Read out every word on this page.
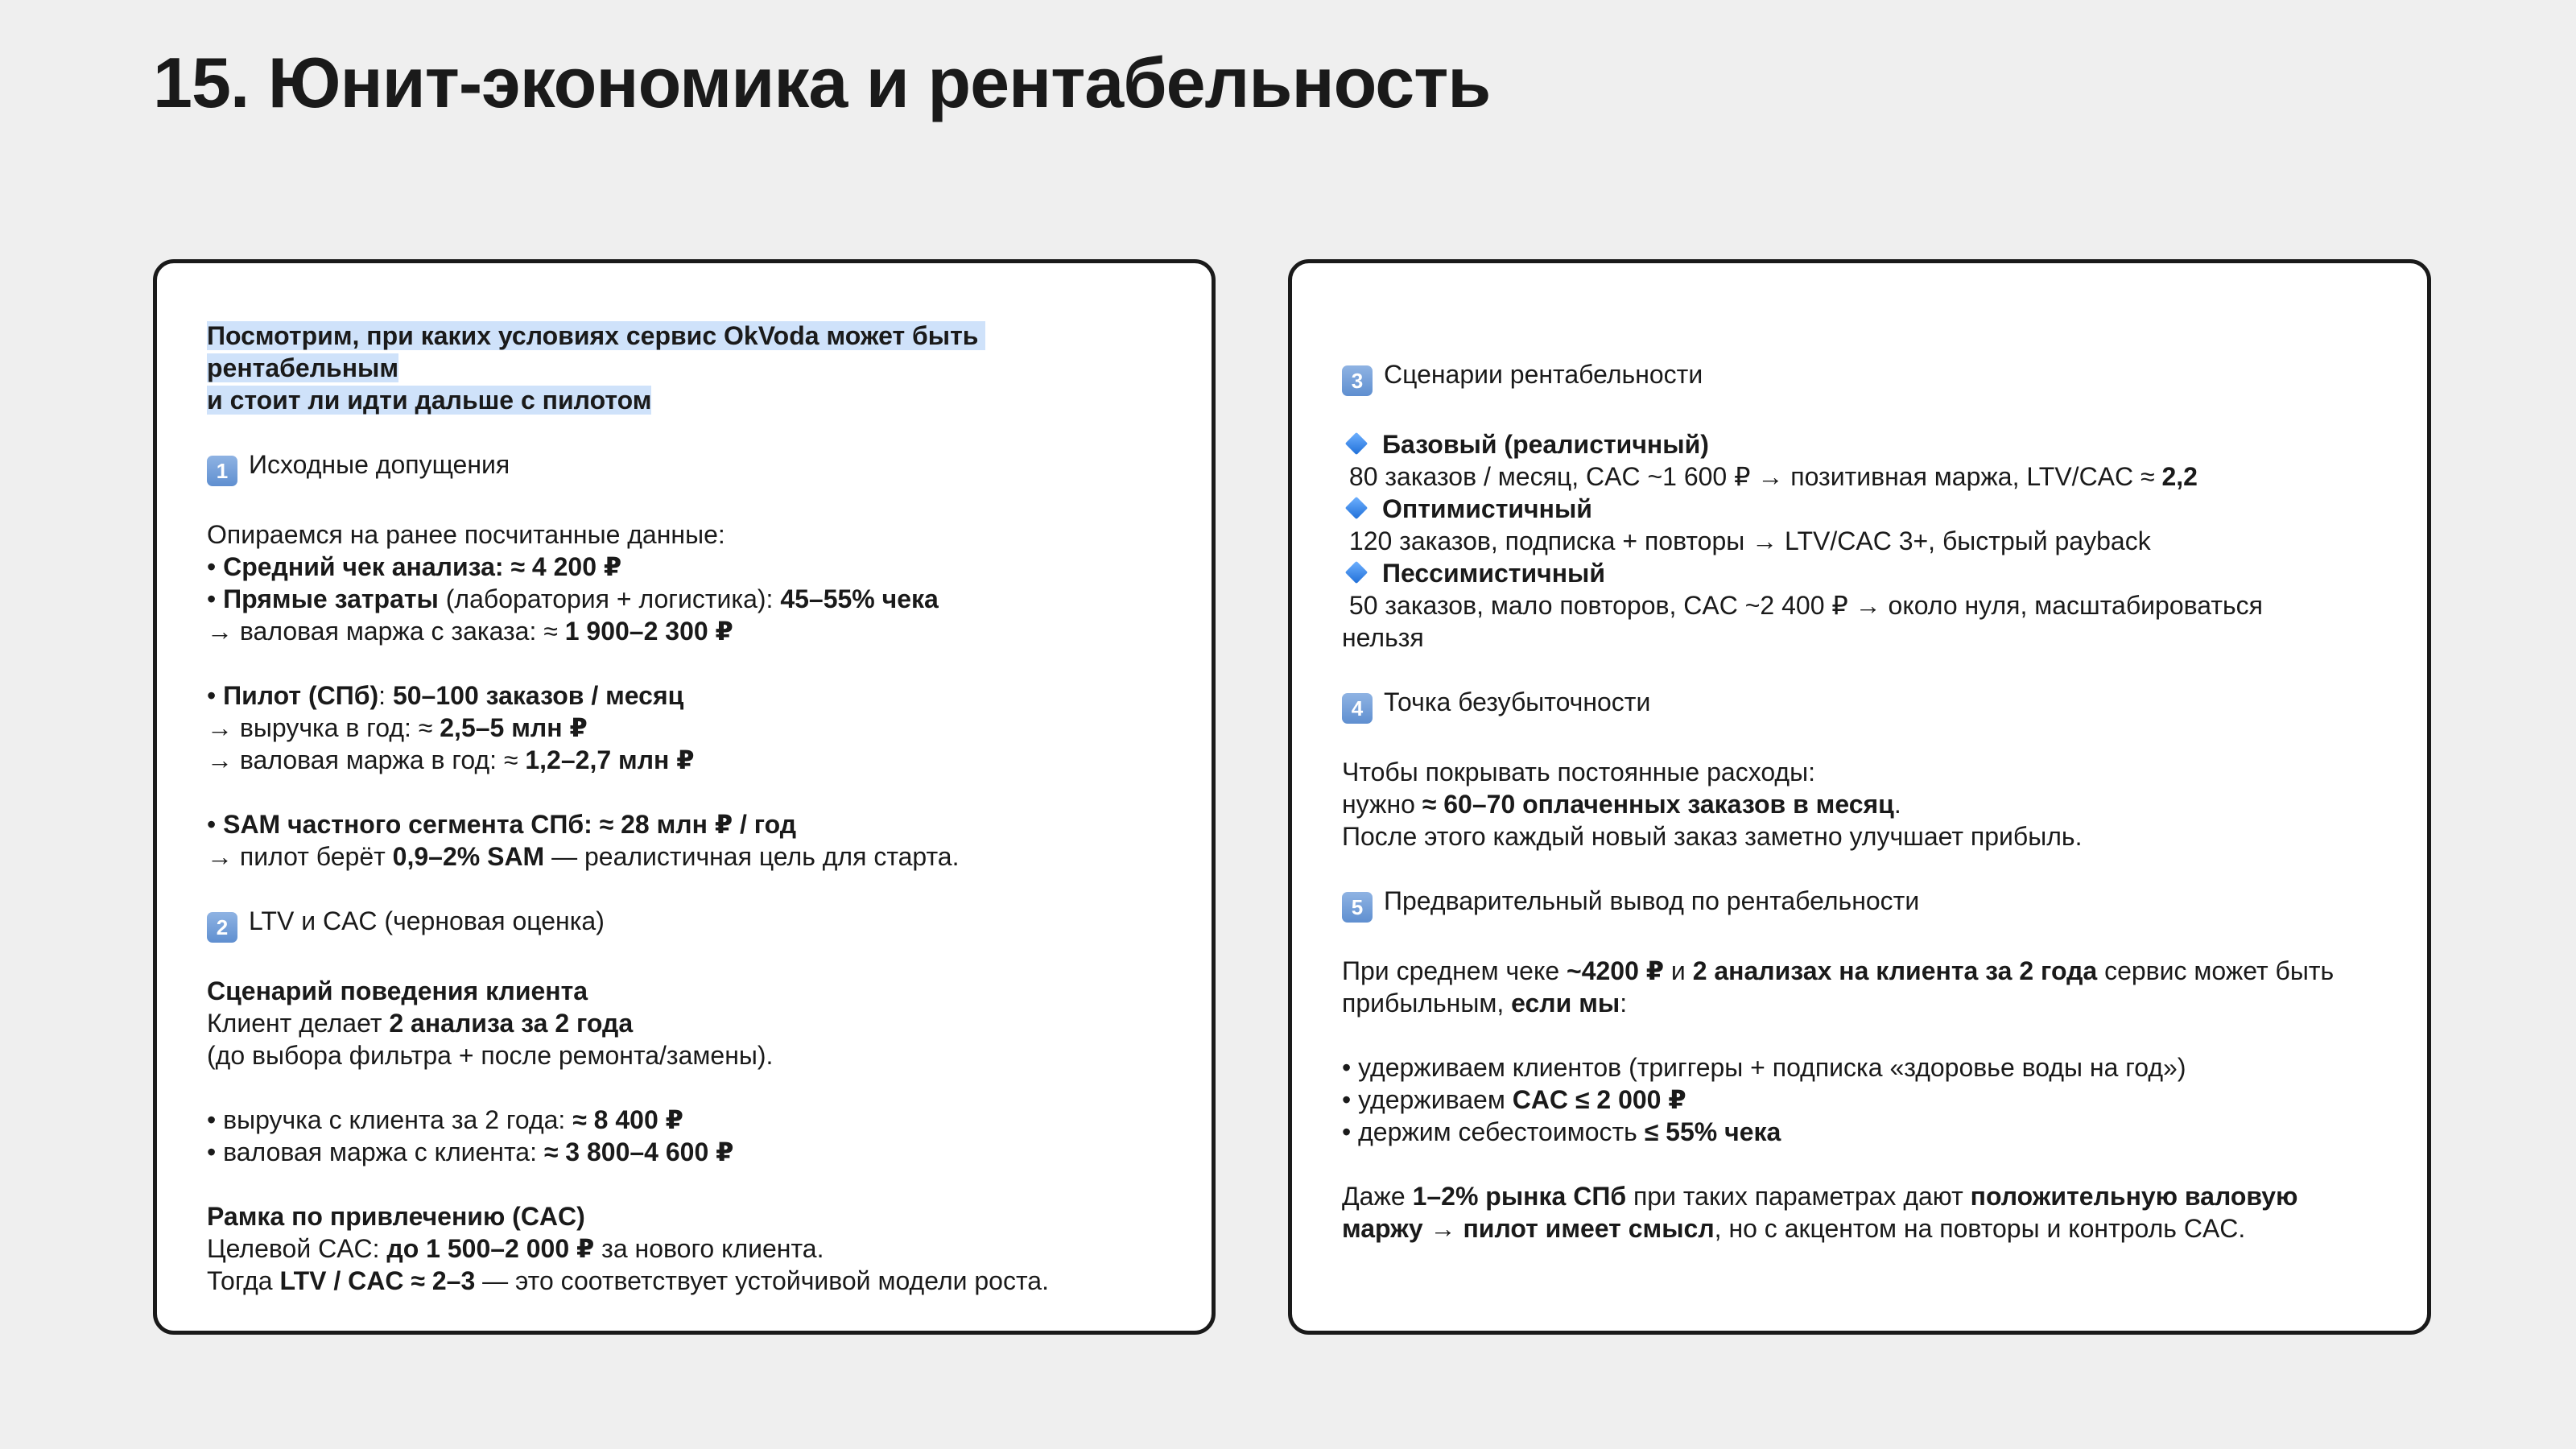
15. Юнит-экономика и рентабельность
Посмотрим, при каких условиях сервис OkVoda может быть рентабельным
и стоит ли идти дальше с пилотом
1 Исходные допущения
Опираемся на ранее посчитанные данные:
• Средний чек анализа: ≈ 4 200 ₽
• Прямые затраты (лаборатория + логистика): 45–55% чека
→ валовая маржа с заказа: ≈ 1 900–2 300 ₽
• Пилот (СПб): 50–100 заказов / месяц
→ выручка в год: ≈ 2,5–5 млн ₽
→ валовая маржа в год: ≈ 1,2–2,7 млн ₽
• SAM частного сегмента СПб: ≈ 28 млн ₽ / год
→ пилот берёт 0,9–2% SAM — реалистичная цель для старта.
2 LTV и CAC (черновая оценка)
Сценарий поведения клиента
Клиент делает 2 анализа за 2 года
(до выбора фильтра + после ремонта/замены).
• выручка с клиента за 2 года: ≈ 8 400 ₽
• валовая маржа с клиента: ≈ 3 800–4 600 ₽
Рамка по привлечению (CAC)
Целевой CAC: до 1 500–2 000 ₽ за нового клиента.
Тогда LTV / CAC ≈ 2–3 — это соответствует устойчивой модели роста.
3 Сценарии рентабельности
Базовый (реалистичный)
80 заказов / месяц, CAC ~1 600 ₽ → позитивная маржа, LTV/CAC ≈ 2,2
Оптимистичный
120 заказов, подписка + повторы → LTV/CAC 3+, быстрый payback
Пессимистичный
50 заказов, мало повторов, CAC ~2 400 ₽ → около нуля, масштабироваться
нельзя
4 Точка безубыточности
Чтобы покрывать постоянные расходы:
нужно ≈ 60–70 оплаченных заказов в месяц.
После этого каждый новый заказ заметно улучшает прибыль.
5 Предварительный вывод по рентабельности
При среднем чеке ~4200 ₽ и 2 анализах на клиента за 2 года сервис может быть
прибыльным, если мы:
• удерживаем клиентов (триггеры + подписка «здоровье воды на год»)
• удерживаем CAC ≤ 2 000 ₽
• держим себестоимость ≤ 55% чека
Даже 1–2% рынка СПб при таких параметрах дают положительную валовую
маржу → пилот имеет смысл, но с акцентом на повторы и контроль CAC.
